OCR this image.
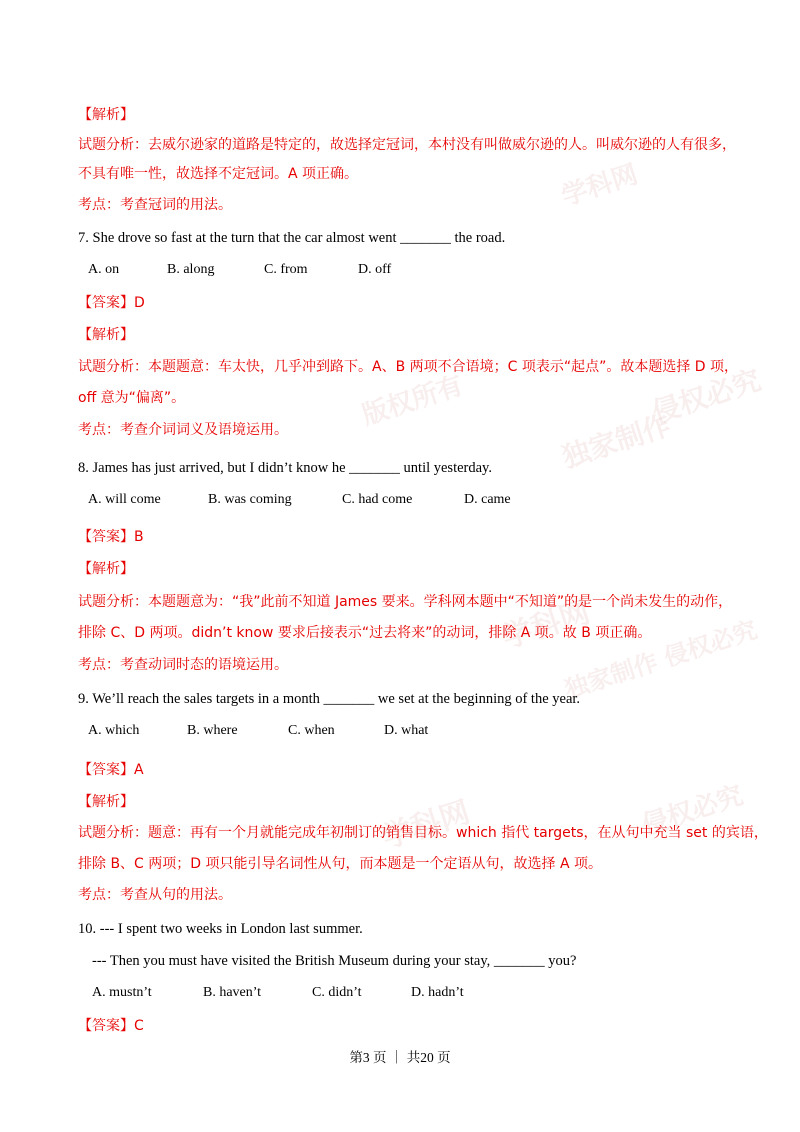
学科网
版权所有
独家制作
侵权必究
学科网
独家制作 侵权必究
学科网	侵权必究
【解析】
试题分析：去威尔逊家的道路是特定的，故选择定冠词，本村没有叫做威尔逊的人。叫威尔逊的人有很多，
不具有唯一性，故选择不定冠词。A 项正确。
考点：考查冠词的用法。
7. She drove so fast at the turn that the car almost went _______ the road.
A. on	B. along	C. from	D. off
【答案】D
【解析】
试题分析：本题题意：车太快，几乎冲到路下。A、B 两项不合语境；C 项表示“起点”。故本题选择 D 项，
off 意为“偏离”。
考点：考查介词词义及语境运用。
8. James has just arrived, but I didn’t know he _______ until yesterday.
A. will come	B. was coming	C. had come	D. came
【答案】B
【解析】
试题分析：本题题意为：“我”此前不知道 James 要来。学科网本题中“不知道”的是一个尚未发生的动作，
排除 C、D 两项。didn’t know 要求后接表示“过去将来”的动词，排除 A 项。故 B 项正确。
考点：考查动词时态的语境运用。
9. We’ll reach the sales targets in a month _______ we set at the beginning of the year.
A. which	B. where	C. when	D. what
【答案】A
【解析】
试题分析：题意：再有一个月就能完成年初制订的销售目标。which 指代 targets，在从句中充当 set 的宾语，
排除 B、C 两项；D 项只能引导名词性从句，而本题是一个定语从句，故选择 A 项。
考点：考查从句的用法。
10. --- I spent two weeks in London last summer.
--- Then you must have visited the British Museum during your stay, _______ you?
A. mustn’t	B. haven’t	C. didn’t	D. hadn’t
【答案】C
第3 页 ｜ 共20 页
